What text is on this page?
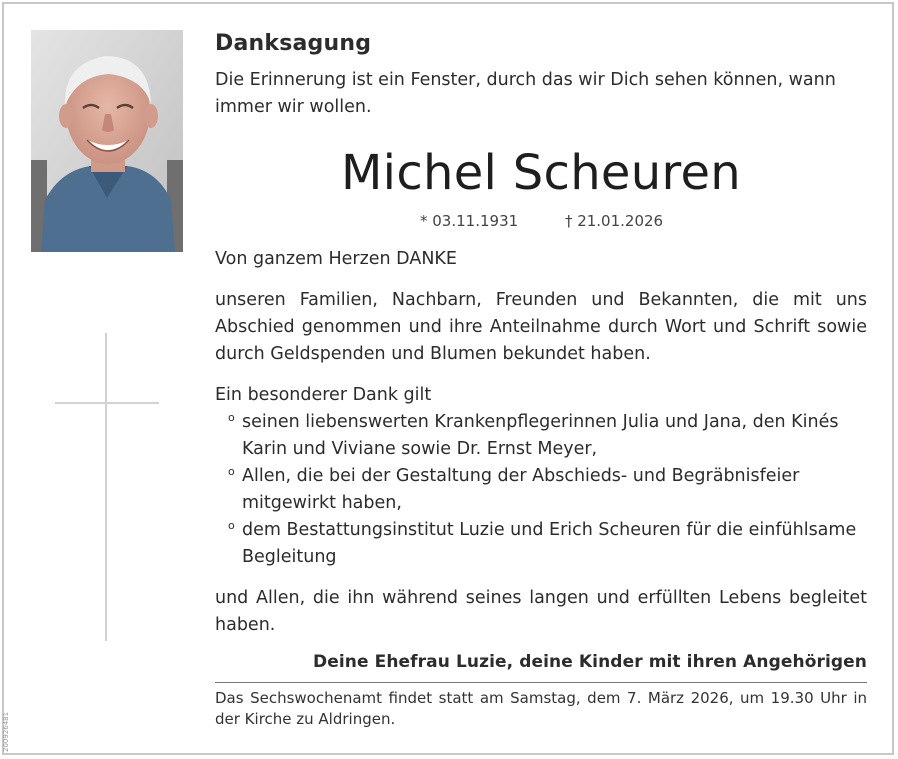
200926481
Danksagung

Die Erinnerung ist ein Fenster, durch das wir Dich sehen können, wann immer wir wollen.

Michel Scheuren
* 03.11.1931	† 21.01.2026

Von ganzem Herzen DANKE

unseren Familien, Nachbarn, Freunden und Bekannten, die mit uns Abschied genommen und ihre Anteilnahme durch Wort und Schrift sowie durch Geldspenden und Blumen bekundet haben.

Ein besonderer Dank gilt

o seinen liebenswerten Krankenpflegerinnen Julia und Jana, den Kinés Karin und Viviane sowie Dr. Ernst Meyer,
o Allen, die bei der Gestaltung der Abschieds- und Begräbnisfeier mitgewirkt haben,
o dem Bestattungsinstitut Luzie und Erich Scheuren für die einfühlsame Begleitung

und Allen, die ihn während seines langen und erfüllten Lebens begleitet haben.

Deine Ehefrau Luzie, deine Kinder mit ihren Angehörigen
Das Sechswochenamt findet statt am Samstag, dem 7. März 2026, um 19.30 Uhr in der Kirche zu Aldringen.
